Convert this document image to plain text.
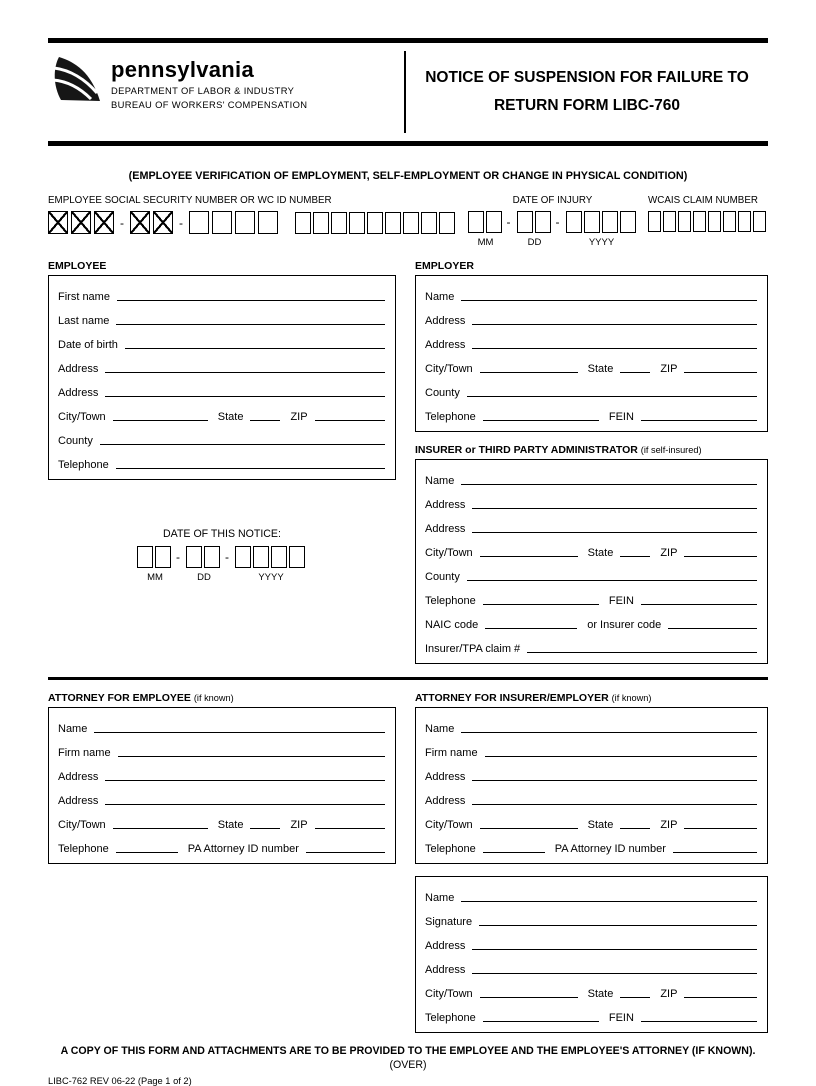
pennsylvania
DEPARTMENT OF LABOR & INDUSTRY
BUREAU OF WORKERS' COMPENSATION
NOTICE OF SUSPENSION FOR FAILURE TO
RETURN FORM LIBC-760
(EMPLOYEE VERIFICATION OF EMPLOYMENT, SELF-EMPLOYMENT OR CHANGE IN PHYSICAL CONDITION)
EMPLOYEE SOCIAL SECURITY NUMBER OR WC ID NUMBER
-	-
DATE OF INJURY
-	-
MM	DD	YYYY
WCAIS CLAIM NUMBER
EMPLOYEE
First name
Last name
Date of birth
Address
Address
City/Town	State	ZIP
County
Telephone
DATE OF THIS NOTICE:
-	-
MM	DD	YYYY
EMPLOYER
Name
Address
Address
City/Town	State	ZIP
County
Telephone	FEIN
INSURER or THIRD PARTY ADMINISTRATOR (if self-insured)
Name
Address
Address
City/Town	State	ZIP
County
Telephone	FEIN
NAIC code	or Insurer code
Insurer/TPA claim #
ATTORNEY FOR EMPLOYEE (if known)
Name
Firm name
Address
Address
City/Town	State	ZIP
Telephone	PA Attorney ID number
ATTORNEY FOR INSURER/EMPLOYER (if known)
Name
Firm name
Address
Address
City/Town	State	ZIP
Telephone	PA Attorney ID number
Name
Signature
Address
Address
City/Town	State	ZIP
Telephone	FEIN
A COPY OF THIS FORM AND ATTACHMENTS ARE TO BE PROVIDED TO THE EMPLOYEE AND THE EMPLOYEE'S ATTORNEY (IF KNOWN).
(OVER)
LIBC-762 REV 06-22 (Page 1 of 2)
